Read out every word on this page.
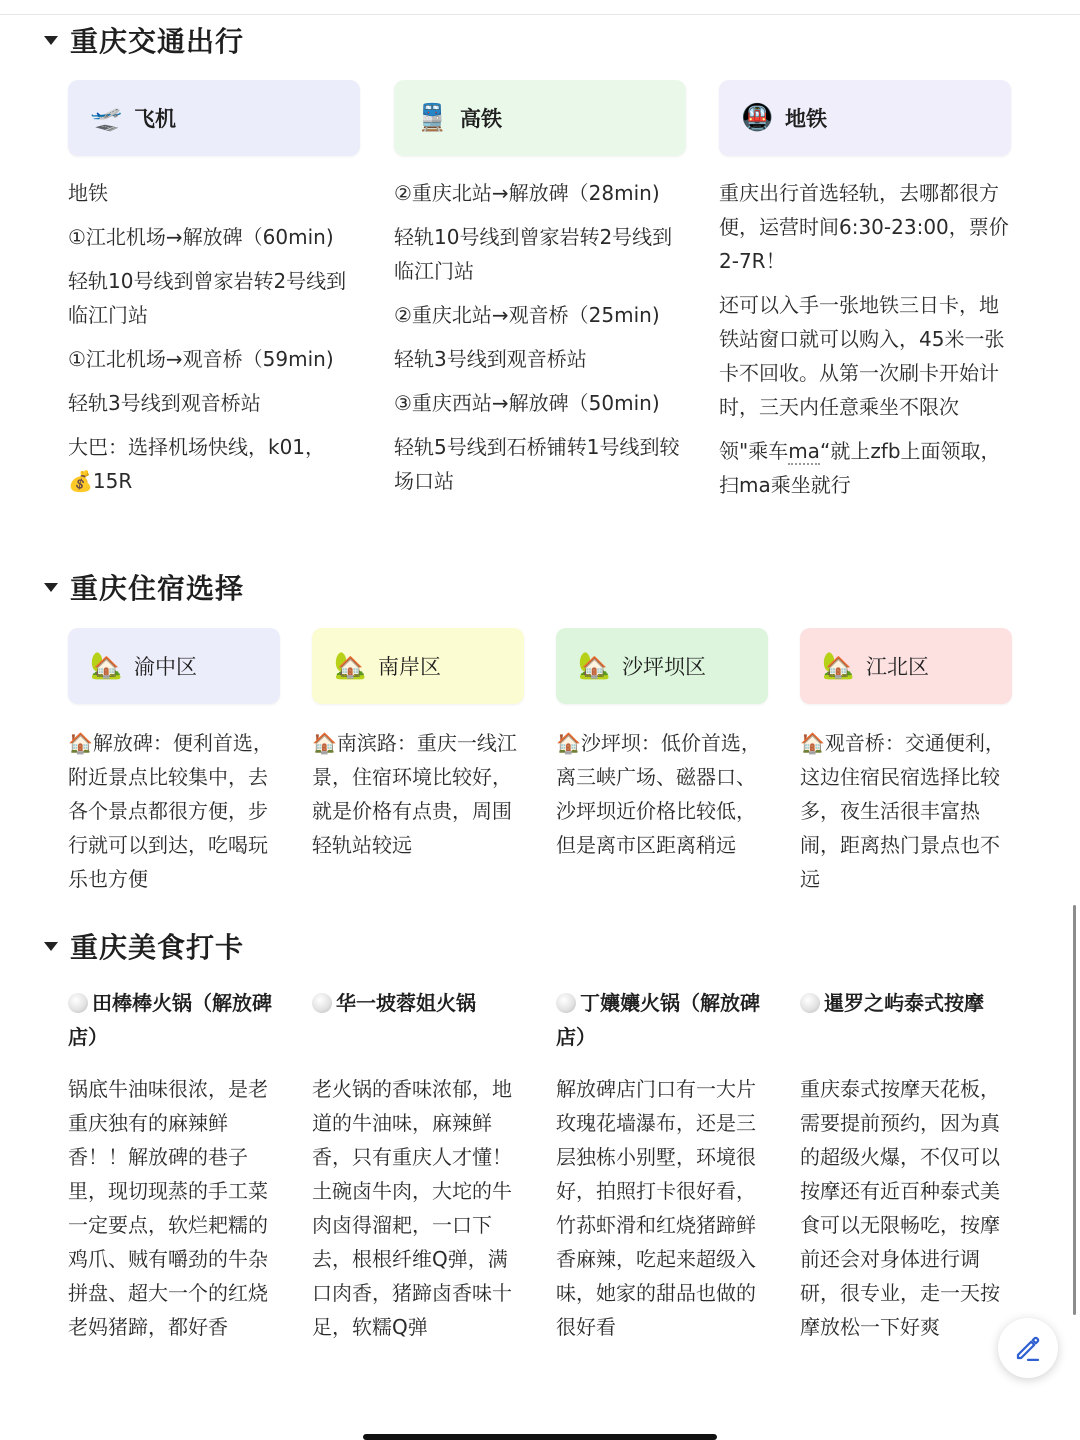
重庆交通出行
🛫 飞机

地铁

①江北机场→解放碑（60min)

轻轨10号线到曾家岩转2号线到临江门站

①江北机场→观音桥（59min)

轻轨3号线到观音桥站

大巴：选择机场快线，k01，

💰15R

🚆 高铁

②重庆北站→解放碑（28min)

轻轨10号线到曾家岩转2号线到临江门站

②重庆北站→观音桥（25min)

轻轨3号线到观音桥站

③重庆西站→解放碑（50min)

轻轨5号线到石桥铺转1号线到较场口站

🚇 地铁

重庆出行首选轻轨，去哪都很方便，运营时间6:30-23:00，票价2-7R！

还可以入手一张地铁三日卡，地铁站窗口就可以购入，45米一张卡不回收。从第一次刷卡开始计时，三天内任意乘坐不限次

领"乘车ma“就上zfb上面领取，扫ma乘坐就行

重庆住宿选择
🏡 渝中区

🏠解放碑：便利首选，附近景点比较集中，去各个景点都很方便，步行就可以到达，吃喝玩乐也方便

🏡 南岸区

🏠南滨路：重庆一线江景，住宿环境比较好，就是价格有点贵，周围轻轨站较远

🏡 沙坪坝区

🏠沙坪坝：低价首选，离三峡广场、磁器口、沙坪坝近价格比较低，但是离市区距离稍远

🏡 江北区

🏠观音桥：交通便利，这边住宿民宿选择比较多，夜生活很丰富热闹，距离热门景点也不远

重庆美食打卡
田棒棒火锅（解放碑店）

锅底牛油味很浓，是老重庆独有的麻辣鲜香！！解放碑的巷子里，现切现蒸的手工菜一定要点，软烂耙糯的鸡爪、贼有嚼劲的牛杂拼盘、超大一个的红烧老妈猪蹄，都好香

华一坡蓉姐火锅

老火锅的香味浓郁，地道的牛油味，麻辣鲜香，只有重庆人才懂！土碗卤牛肉，大坨的牛肉卤得溜耙，一口下去，根根纤维Q弹，满口肉香，猪蹄卤香味十足，软糯Q弹

丁孃孃火锅（解放碑店）

解放碑店门口有一大片玫瑰花墙瀑布，还是三层独栋小别墅，环境很好，拍照打卡很好看，竹荪虾滑和红烧猪蹄鲜香麻辣，吃起来超级入味，她家的甜品也做的很好看

暹罗之屿泰式按摩

重庆泰式按摩天花板，需要提前预约，因为真的超级火爆，不仅可以按摩还有近百种泰式美食可以无限畅吃，按摩前还会对身体进行调研，很专业，走一天按摩放松一下好爽
